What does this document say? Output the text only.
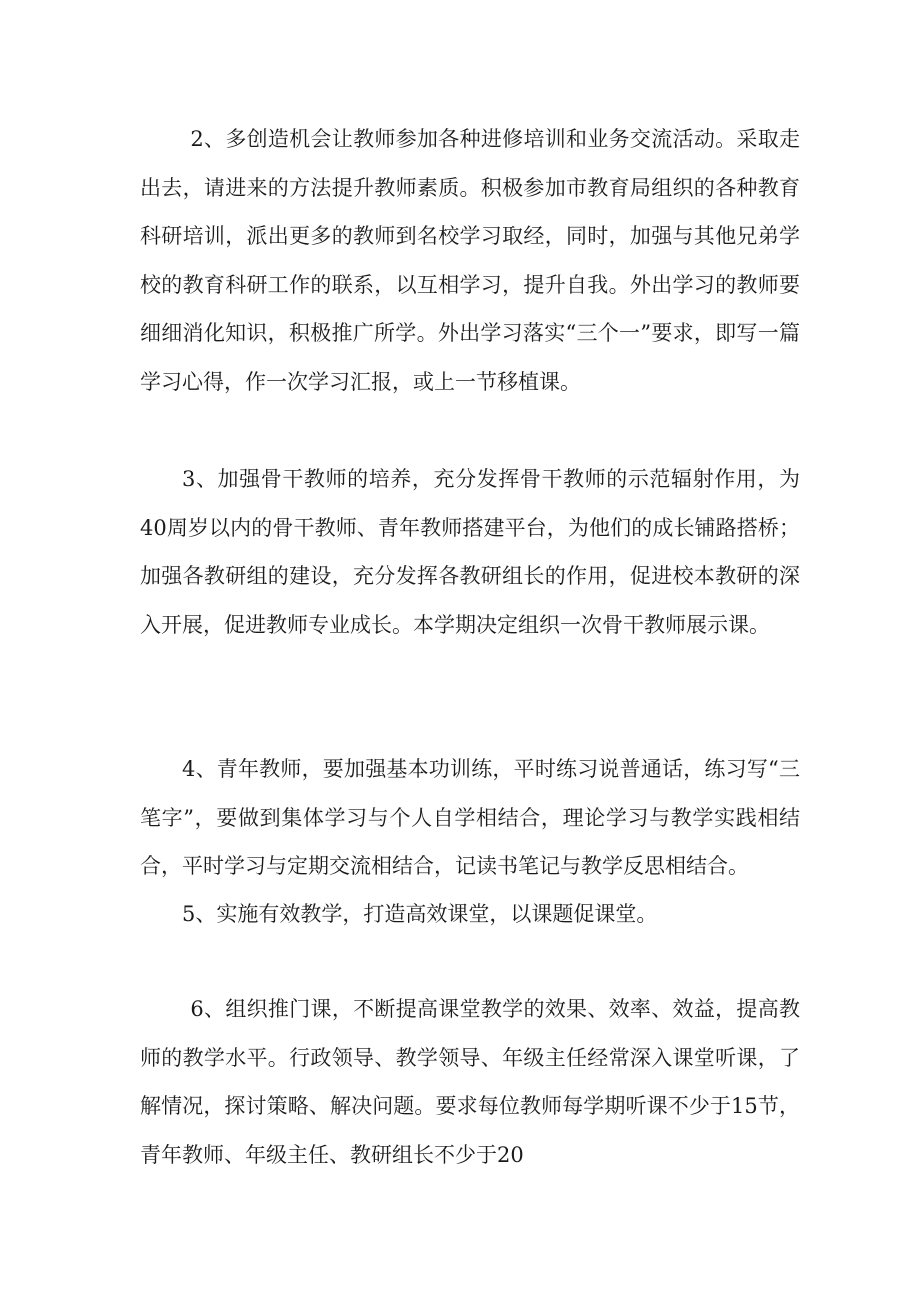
2、多创造机会让教师参加各种进修培训和业务交流活动。采取走出去，请进来的方法提升教师素质。积极参加市教育局组织的各种教育科研培训，派出更多的教师到名校学习取经，同时，加强与其他兄弟学校的教育科研工作的联系，以互相学习，提升自我。外出学习的教师要细细消化知识，积极推广所学。外出学习落实“三个一”要求，即写一篇学习心得，作一次学习汇报，或上一节移植课。

3、加强骨干教师的培养，充分发挥骨干教师的示范辐射作用，为40周岁以内的骨干教师、青年教师搭建平台，为他们的成长铺路搭桥；加强各教研组的建设，充分发挥各教研组长的作用，促进校本教研的深入开展，促进教师专业成长。本学期决定组织一次骨干教师展示课。

4、青年教师，要加强基本功训练，平时练习说普通话，练习写“三笔字”，要做到集体学习与个人自学相结合，理论学习与教学实践相结合，平时学习与定期交流相结合，记读书笔记与教学反思相结合。

5、实施有效教学，打造高效课堂，以课题促课堂。

6、组织推门课，不断提高课堂教学的效果、效率、效益，提高教师的教学水平。行政领导、教学领导、年级主任经常深入课堂听课，了解情况，探讨策略、解决问题。要求每位教师每学期听课不少于15节，青年教师、年级主任、教研组长不少于20
